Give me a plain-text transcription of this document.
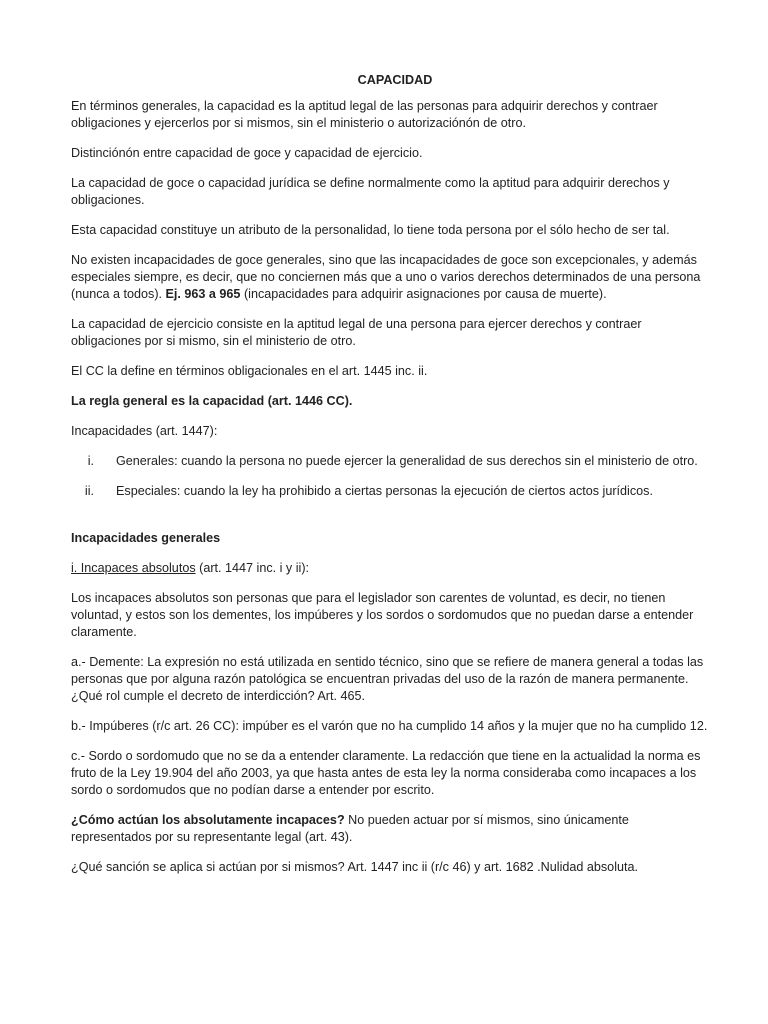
CAPACIDAD

En términos generales, la capacidad es la aptitud legal de las personas para adquirir derechos y contraer obligaciones y ejercerlos por si mismos, sin el ministerio o autorizaciónón de otro.

Distinciónón entre capacidad de goce y capacidad de ejercicio.

La capacidad de goce o capacidad jurídica se define normalmente como la aptitud para adquirir derechos y obligaciones.

Esta capacidad constituye un atributo de la personalidad, lo tiene toda persona por el sólo hecho de ser tal.

No existen incapacidades de goce generales, sino que las incapacidades de goce son excepcionales, y además especiales siempre, es decir, que no conciernen más que a uno o varios derechos determinados de una persona (nunca a todos). Ej. 963 a 965 (incapacidades para adquirir asignaciones por causa de muerte).

La capacidad de ejercicio consiste en la aptitud legal de una persona para ejercer derechos y contraer obligaciones por si mismo, sin el ministerio de otro.

El CC la define en términos obligacionales en el art. 1445 inc. ii.

La regla general es la capacidad (art. 1446 CC).

Incapacidades (art. 1447):

i. Generales: cuando la persona no puede ejercer la generalidad de sus derechos sin el ministerio de otro.
ii. Especiales: cuando la ley ha prohibido a ciertas personas la ejecución de ciertos actos jurídicos.

Incapacidades generales

i. Incapaces absolutos (art. 1447 inc. i y ii):

Los incapaces absolutos son personas que para el legislador son carentes de voluntad, es decir, no tienen voluntad, y estos son los dementes, los impúberes y los sordos o sordomudos que no puedan darse a entender claramente.

a.- Demente: La expresión no está utilizada en sentido técnico, sino que se refiere de manera general a todas las personas que por alguna razón patológica se encuentran privadas del uso de la razón de manera permanente. ¿Qué rol cumple el decreto de interdicción? Art. 465.

b.- Impúberes (r/c art. 26 CC): impúber es el varón que no ha cumplido 14 años y la mujer que no ha cumplido 12.

c.- Sordo o sordomudo que no se da a entender claramente. La redacción que tiene en la actualidad la norma es fruto de la Ley 19.904 del año 2003, ya que hasta antes de esta ley la norma consideraba como incapaces a los sordo o sordomudos que no podían darse a entender por escrito.

¿Cómo actúan los absolutamente incapaces? No pueden actuar por sí mismos, sino únicamente representados por su representante legal (art. 43).

¿Qué sanción se aplica si actúan por si mismos? Art. 1447 inc ii (r/c 46) y art. 1682 .Nulidad absoluta.
